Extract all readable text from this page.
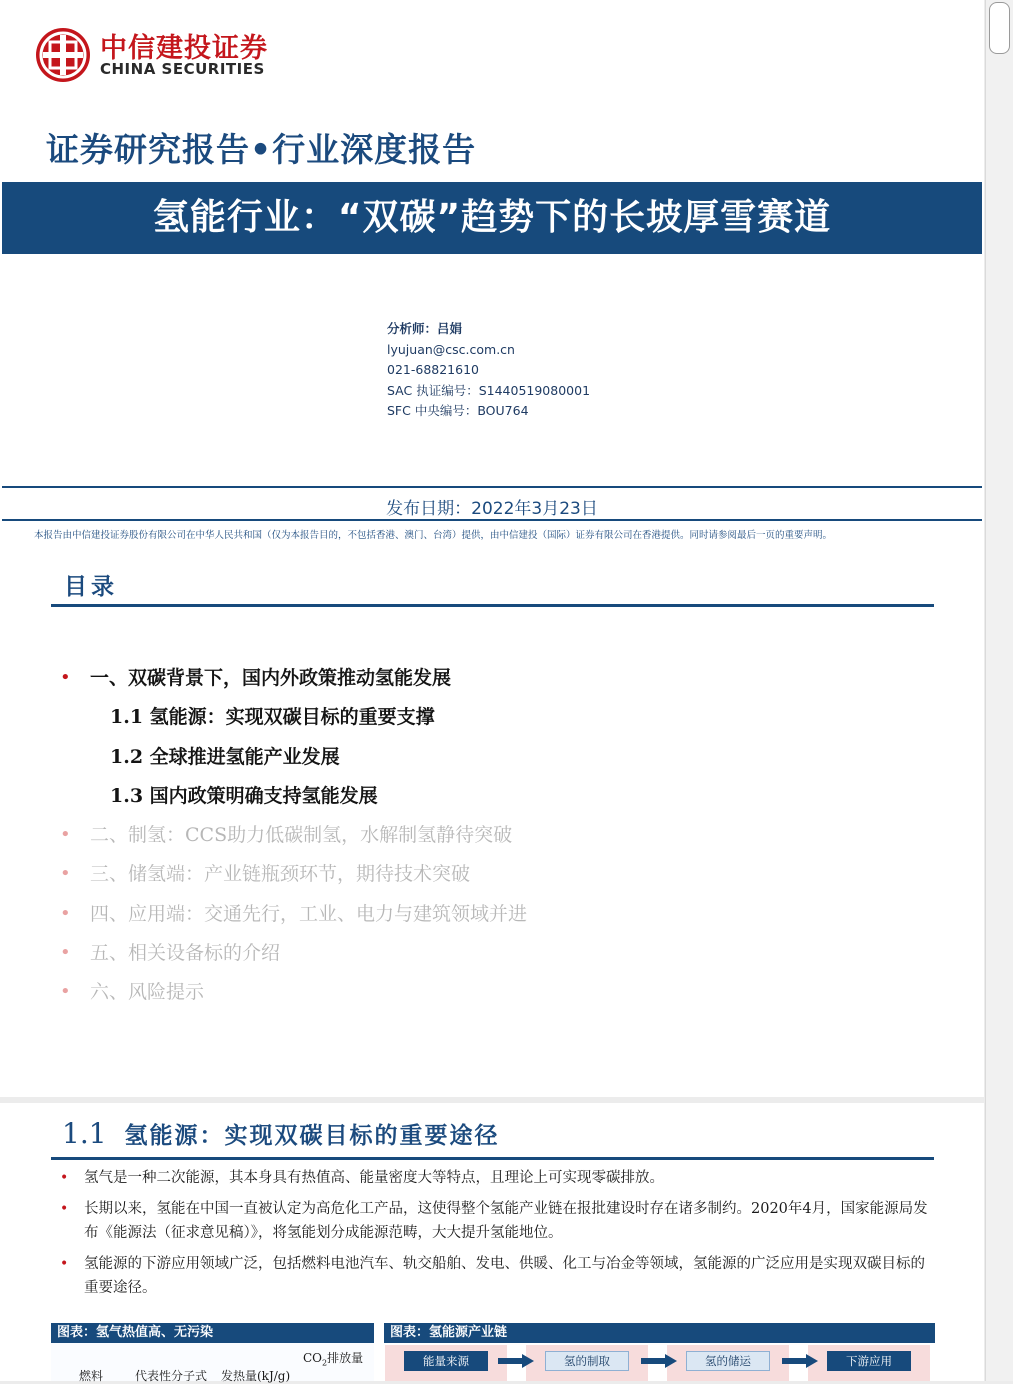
中信建投证券
CHINA SECURITIES
证券研究报告•行业深度报告
氢能行业：“双碳”趋势下的长坡厚雪赛道
分析师：吕娟
lyujuan@csc.com.cn
021-68821610
SAC 执证编号：S1440519080001
SFC 中央编号：BOU764
发布日期：2022年3月23日
本报告由中信建投证券股份有限公司在中华人民共和国（仅为本报告目的，不包括香港、澳门、台湾）提供，由中信建投（国际）证券有限公司在香港提供。同时请参阅最后一页的重要声明。
目录
• 一、双碳背景下，国内外政策推动氢能发展
1.1 氢能源：实现双碳目标的重要支撑
1.2 全球推进氢能产业发展
1.3 国内政策明确支持氢能发展
• 二、制氢：CCS助力低碳制氢，水解制氢静待突破
• 三、储氢端：产业链瓶颈环节，期待技术突破
• 四、应用端：交通先行，工业、电力与建筑领域并进
• 五、相关设备标的介绍
• 六、风险提示
1.1 氢能源：实现双碳目标的重要途径
• 氢气是一种二次能源，其本身具有热值高、能量密度大等特点，且理论上可实现零碳排放。
• 长期以来，氢能在中国一直被认定为高危化工产品，这使得整个氢能产业链在报批建设时存在诸多制约。2020年4月，国家能源局发布《能源法（征求意见稿）》，将氢能划分成能源范畴，大大提升氢能地位。
• 氢能源的下游应用领域广泛，包括燃料电池汽车、轨交船舶、发电、供暖、化工与冶金等领域，氢能源的广泛应用是实现双碳目标的重要途径。
图表：氢气热值高、无污染
燃料	代表性分子式 发热量(kJ/g)
$CO_2$排放量
图表：氢能源产业链
能量来源	氢的制取	氢的储运	下游应用
